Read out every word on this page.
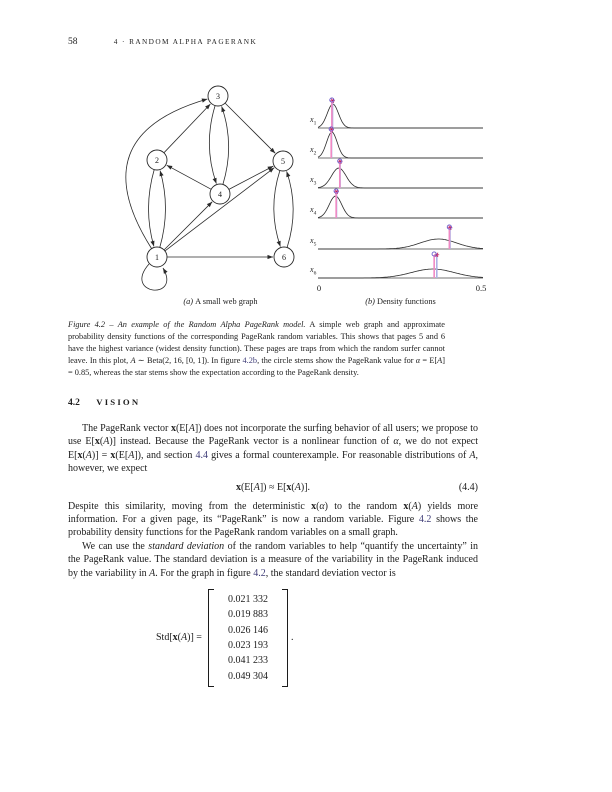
58	4 · RANDOM ALPHA PAGERANK
1
2
3
4
5
6
$x_1$
$x_2$
$x_3$
$x_4$
$x_5$
$x_6$
0	0.5
(a) A small web graph	(b) Density functions
Figure 4.2 – An example of the Random Alpha PageRank model. A simple web graph and approximate probability density functions of the corresponding PageRank random variables. This shows that pages 5 and 6 have the highest variance (widest density function). These pages are traps from which the random surfer cannot leave. In this plot, A ∼ Beta(2, 16, [0, 1]). In figure 4.2b, the circle stems show the PageRank value for α = E[A] = 0.85, whereas the star stems show the expectation according to the PageRank density.
4.2 VISION

The PageRank vector x(E[A]) does not incorporate the surfing behavior of all users; we propose to use E[x(A)] instead. Because the PageRank vector is a nonlinear function of α, we do not expect E[x(A)] = x(E[A]), and section 4.4 gives a formal counterexample. For reasonable distributions of A, however, we expect

x(E[A]) ≈ E[x(A)].	(4.4)

Despite this similarity, moving from the deterministic x(α) to the random x(A) yields more information. For a given page, its “PageRank” is now a random variable. Figure 4.2 shows the probability density functions for the PageRank random variables on a small graph.

We can use the standard deviation of the random variables to help “quantify the uncertainty” in the PageRank value. The standard deviation is a measure of the variability in the PageRank induced by the variability in A. For the graph in figure 4.2, the standard deviation vector is

Std[x(A)] =
0.021 332
0.019 883
0.026 146
0.023 193
0.041 233
0.049 304
.
